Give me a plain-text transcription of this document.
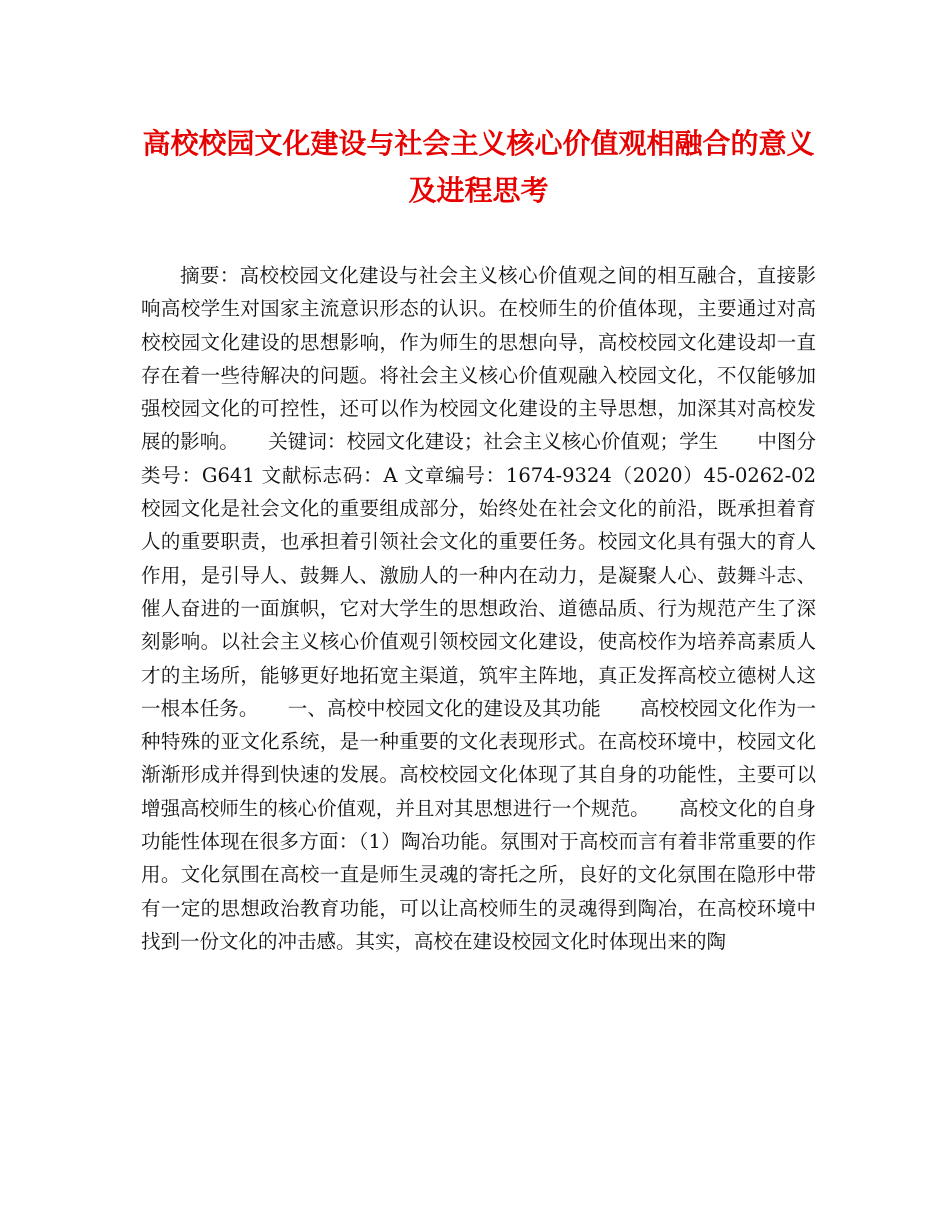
高校校园文化建设与社会主义核心价值观相融合的意义及进程思考

摘要：高校校园文化建设与社会主义核心价值观之间的相互融合，直接影响高校学生对国家主流意识形态的认识。在校师生的价值体现，主要通过对高校校园文化建设的思想影响，作为师生的思想向导，高校校园文化建设却一直存在着一些待解决的问题。将社会主义核心价值观融入校园文化，不仅能够加强校园文化的可控性，还可以作为校园文化建设的主导思想，加深其对高校发展的影响。　　关键词：校园文化建设；社会主义核心价值观；学生　　中图分类号：G641 文献标志码：A 文章编号：1674-9324（2020）45-0262-02　　校园文化是社会文化的重要组成部分，始终处在社会文化的前沿，既承担着育人的重要职责，也承担着引领社会文化的重要任务。校园文化具有强大的育人作用，是引导人、鼓舞人、激励人的一种内在动力，是凝聚人心、鼓舞斗志、催人奋进的一面旗帜，它对大学生的思想政治、道德品质、行为规范产生了深刻影响。以社会主义核心价值观引领校园文化建设，使高校作为培养高素质人才的主场所，能够更好地拓宽主渠道，筑牢主阵地，真正发挥高校立德树人这一根本任务。　　一、高校中校园文化的建设及其功能　　高校校园文化作为一种特殊的亚文化系统，是一种重要的文化表现形式。在高校环境中，校园文化渐渐形成并得到快速的发展。高校校园文化体现了其自身的功能性，主要可以增强高校师生的核心价值观，并且对其思想进行一个规范。　　高校文化的自身功能性体现在很多方面：（1）陶冶功能。氛围对于高校而言有着非常重要的作用。文化氛围在高校一直是师生灵魂的寄托之所，良好的文化氛围在隐形中带有一定的思想政治教育功能，可以让高校师生的灵魂得到陶冶，在高校环境中找到一份文化的冲击感。其实，高校在建设校园文化时体现出来的陶
